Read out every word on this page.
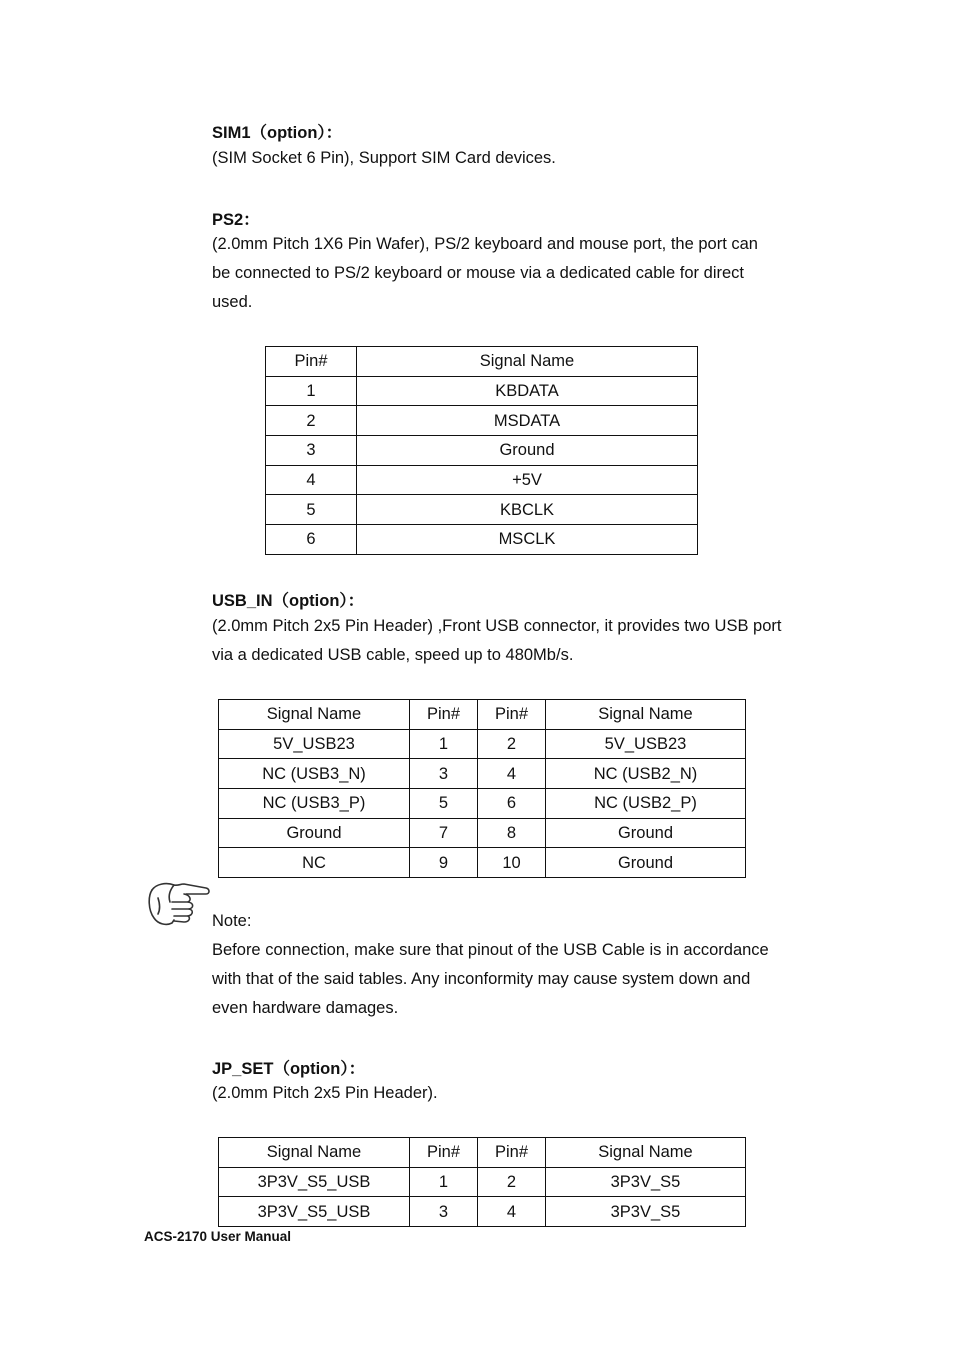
SIM1（option）：
(SIM Socket 6 Pin), Support SIM Card devices.
PS2：
(2.0mm Pitch 1X6 Pin Wafer), PS/2 keyboard and mouse port, the port can
be connected to PS/2 keyboard or mouse via a dedicated cable for direct
used.
Pin#	Signal Name
1	KBDATA
2	MSDATA
3	Ground
4	+5V
5	KBCLK
6	MSCLK
USB_IN（option）：
(2.0mm Pitch 2x5 Pin Header) ,Front USB connector, it provides two USB port
via a dedicated USB cable, speed up to 480Mb/s.
Signal Name	Pin#	Pin#	Signal Name
5V_USB23	1	2	5V_USB23
NC (USB3_N)	3	4	NC (USB2_N)
NC (USB3_P)	5	6	NC (USB2_P)
Ground	7	8	Ground
NC	9	10	Ground
Note:
Before connection, make sure that pinout of the USB Cable is in accordance
with that of the said tables. Any inconformity may cause system down and
even hardware damages.
JP_SET（option）：
(2.0mm Pitch 2x5 Pin Header).
Signal Name	Pin#	Pin#	Signal Name
3P3V_S5_USB	1	2	3P3V_S5
3P3V_S5_USB	3	4	3P3V_S5
ACS-2170 User Manual
